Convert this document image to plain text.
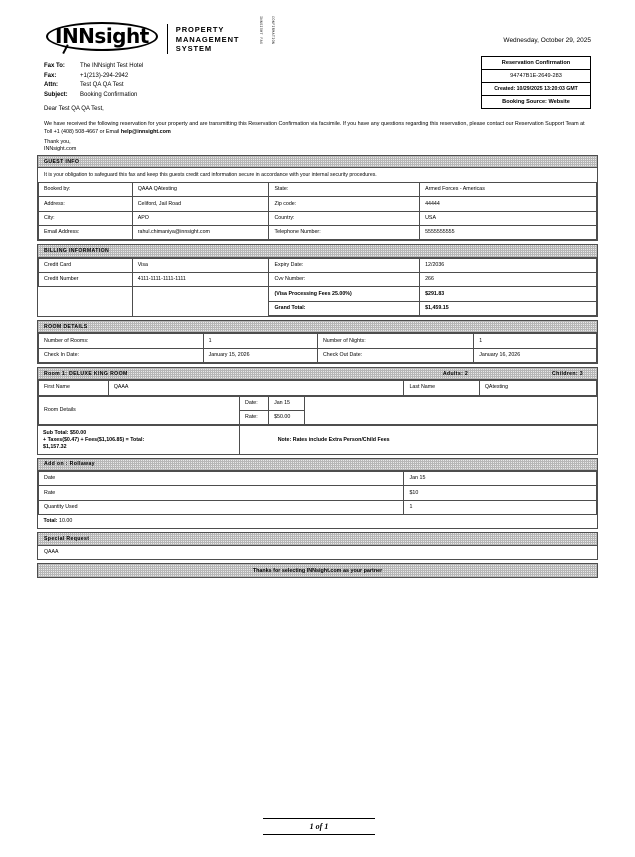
INNsight	PROPERTY
MANAGEMENT
SYSTEM
INNSIGHT FAX CONFIRMATION	Wednesday, October 29, 2025
Reservation Confirmation
94747B1E-2649-283
Created: 10/29/2025 13:20:03 GMT
Booking Source: Website
Fax To:	The INNsight Test Hotel
Fax:	+1(213)-294-2942
Attn:	Test QA QA Test
Subject:	Booking Confirmation
Dear Test QA QA Test,
We have received the following reservation for your property and are transmitting this Reservation Confirmation via facsimile. If you have any questions regarding this reservation, please contact our Reservation Support Team at Toll +1 (408) 508-4667 or Email help@innsight.com
Thank you,
INNsight.com
GUEST INFO
It is your obligation to safeguard this fax and keep this guests credit card information secure in accordance with your internal security procedures.
Booked by:	QAAA QAtesting	State:	Armed Forces - Americas
Address:	Celiford, Jail Road	Zip code:	44444
City:	APO	Country:	USA
Email Address:	rahul.chimaniya@innsight.com	Telephone Number:	5555555555
BILLING INFORMATION
Credit Card	Visa	Expiry Date:	12/2036
Credit Number	4111-1111-1111-1111	Cvv Number:	266
		(Visa Processing Fees 25.00%)	$291.83
		Grand Total:	$1,459.15
ROOM DETAILS
Number of Rooms:	1	Number of Nights:	1
Check In Date:	January 15, 2026	Check Out Date:	January 16, 2026
Room 1: DELUXE KING ROOM	Adults: 2	Children: 3
First Name	QAAA	Last Name	QAtesting
Room Details	Date:	Jan 15	
	Rate:	$50.00	
Sub Total: $50.00
+ Taxes($0.47) + Fees($1,106.85) = Total:
$1,157.32	Note: Rates include Extra Person/Child Fees
Add on : Rollaway
Date	Jan 15
Rate	$10
Quantity Used	1
Total: 10.00	
Special Request
QAAA
Thanks for selecting INNsight.com as your partner
1 of 1
